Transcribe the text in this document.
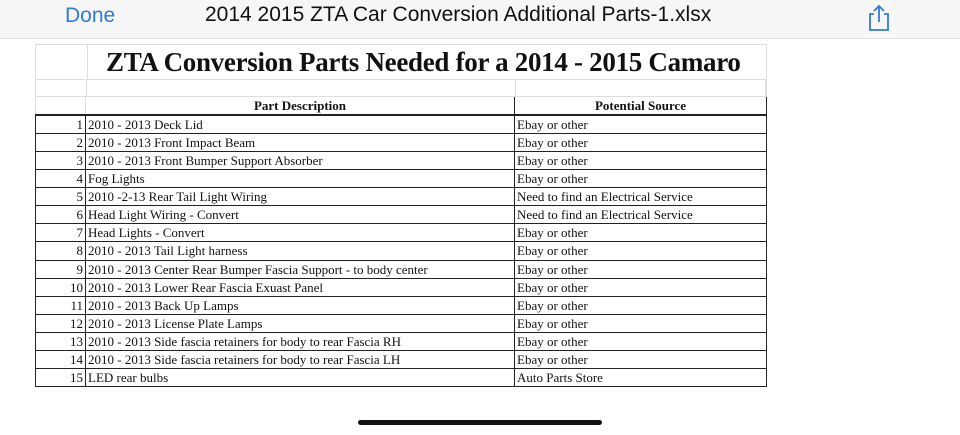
Done	2014 2015 ZTA Car Conversion Additional Parts-1.xlsx
ZTA Conversion Parts Needed for a 2014 - 2015 Camaro
Part Description	Potential Source
1 2010 - 2013 Deck Lid	Ebay or other
2 2010 - 2013 Front Impact Beam	Ebay or other
3 2010 - 2013 Front Bumper Support Absorber	Ebay or other
4 Fog Lights	Ebay or other
5 2010 -2-13 Rear Tail Light Wiring	Need to find an Electrical Service
6 Head Light Wiring - Convert	Need to find an Electrical Service
7 Head Lights - Convert	Ebay or other
8 2010 - 2013 Tail Light harness	Ebay or other
9 2010 - 2013 Center Rear Bumper Fascia Support - to body center	Ebay or other
10 2010 - 2013 Lower Rear Fascia Exuast Panel	Ebay or other
11 2010 - 2013 Back Up Lamps	Ebay or other
12 2010 - 2013 License Plate Lamps	Ebay or other
13 2010 - 2013 Side fascia retainers for body to rear Fascia RH	Ebay or other
14 2010 - 2013 Side fascia retainers for body to rear Fascia LH	Ebay or other
15 LED rear bulbs	Auto Parts Store
